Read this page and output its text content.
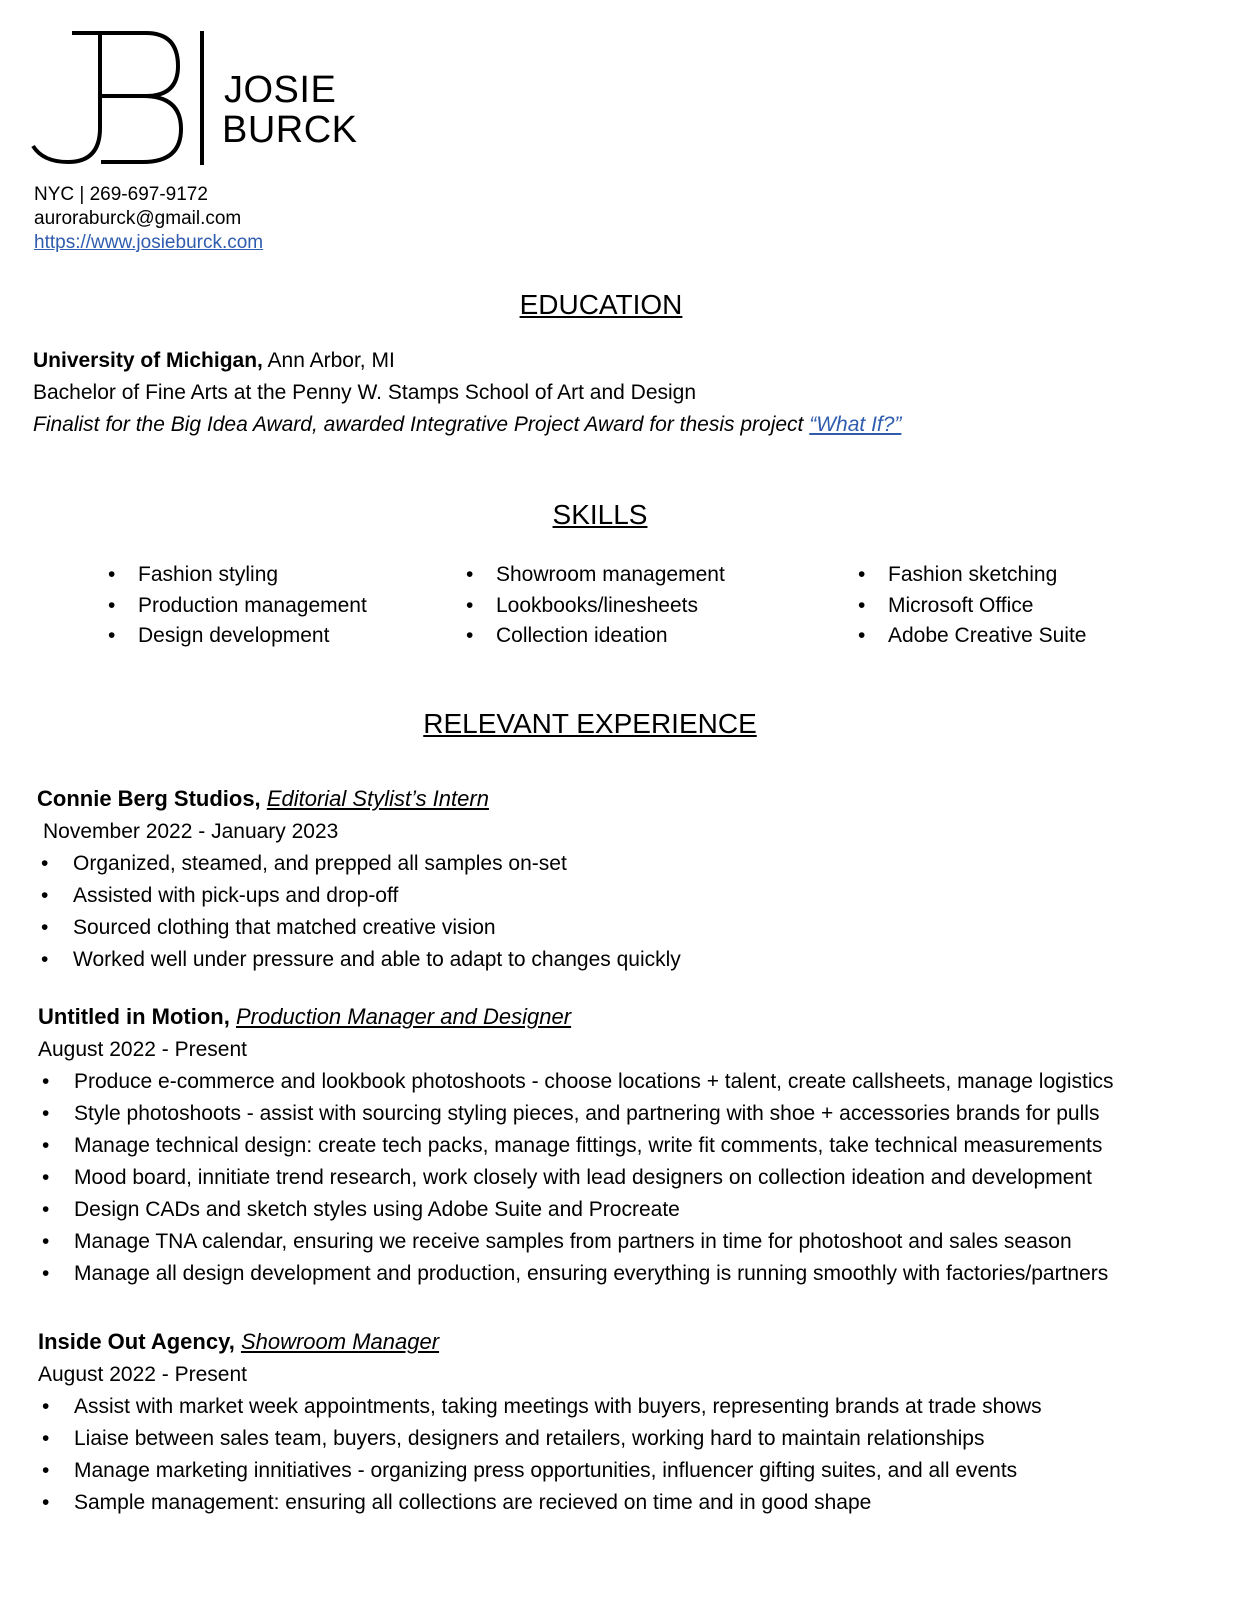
JOSIE
BURCK
NYC | 269-697-9172
auroraburck@gmail.com
https://www.josieburck.com
EDUCATION
University of Michigan, Ann Arbor, MI
Bachelor of Fine Arts at the Penny W. Stamps School of Art and Design
Finalist for the Big Idea Award, awarded Integrative Project Award for thesis project “What If?”
SKILLS
• Fashion styling
• Production management
• Design development
• Showroom management
• Lookbooks/linesheets
• Collection ideation
• Fashion sketching
• Microsoft Office
• Adobe Creative Suite
RELEVANT EXPERIENCE
Connie Berg Studios, Editorial Stylist’s Intern
November 2022 - January 2023
• Organized, steamed, and prepped all samples on-set
• Assisted with pick-ups and drop-off
• Sourced clothing that matched creative vision
• Worked well under pressure and able to adapt to changes quickly
Untitled in Motion, Production Manager and Designer
August 2022 - Present
• Produce e-commerce and lookbook photoshoots - choose locations + talent, create callsheets, manage logistics
• Style photoshoots - assist with sourcing styling pieces, and partnering with shoe + accessories brands for pulls
• Manage technical design: create tech packs, manage fittings, write fit comments, take technical measurements
• Mood board, innitiate trend research, work closely with lead designers on collection ideation and development
• Design CADs and sketch styles using Adobe Suite and Procreate
• Manage TNA calendar, ensuring we receive samples from partners in time for photoshoot and sales season
• Manage all design development and production, ensuring everything is running smoothly with factories/partners
Inside Out Agency, Showroom Manager
August 2022 - Present
• Assist with market week appointments, taking meetings with buyers, representing brands at trade shows
• Liaise between sales team, buyers, designers and retailers, working hard to maintain relationships
• Manage marketing innitiatives - organizing press opportunities, influencer gifting suites, and all events
• Sample management: ensuring all collections are recieved on time and in good shape
